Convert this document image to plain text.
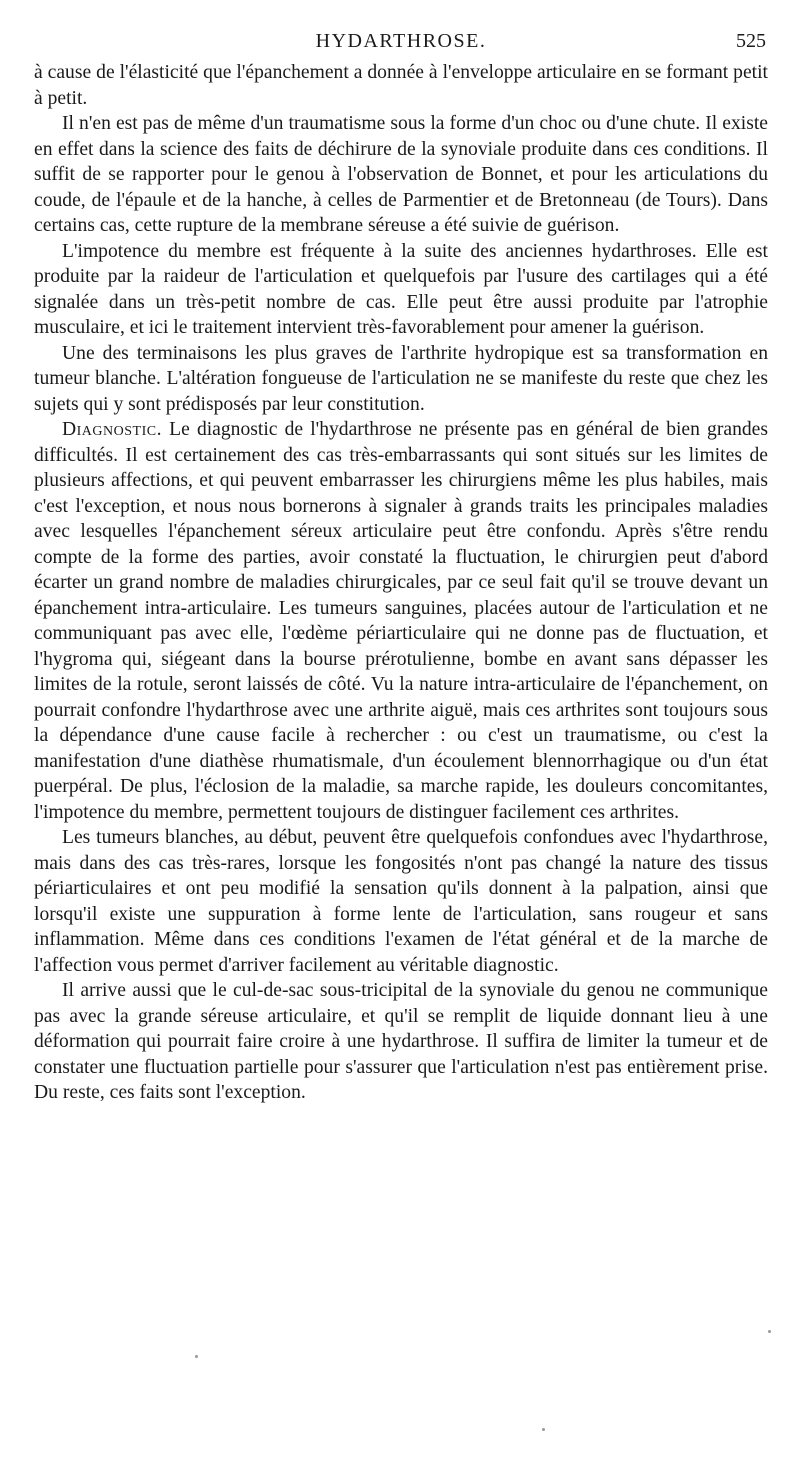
HYDARTHROSE.	525

à cause de l'élasticité que l'épanchement a donnée à l'enveloppe articulaire en se formant petit à petit.

Il n'en est pas de même d'un traumatisme sous la forme d'un choc ou d'une chute. Il existe en effet dans la science des faits de déchirure de la synoviale produite dans ces conditions. Il suffit de se rapporter pour le genou à l'observation de Bonnet, et pour les articulations du coude, de l'épaule et de la hanche, à celles de Parmentier et de Bretonneau (de Tours). Dans certains cas, cette rupture de la membrane séreuse a été suivie de guérison.

L'impotence du membre est fréquente à la suite des anciennes hydarthroses. Elle est produite par la raideur de l'articulation et quelquefois par l'usure des cartilages qui a été signalée dans un très-petit nombre de cas. Elle peut être aussi produite par l'atrophie musculaire, et ici le traitement intervient très-favorablement pour amener la guérison.

Une des terminaisons les plus graves de l'arthrite hydropique est sa transformation en tumeur blanche. L'altération fongueuse de l'articulation ne se manifeste du reste que chez les sujets qui y sont prédisposés par leur constitution.

Diagnostic. Le diagnostic de l'hydarthrose ne présente pas en général de bien grandes difficultés. Il est certainement des cas très-embarrassants qui sont situés sur les limites de plusieurs affections, et qui peuvent embarrasser les chirurgiens même les plus habiles, mais c'est l'exception, et nous nous bornerons à signaler à grands traits les principales maladies avec lesquelles l'épanchement séreux articulaire peut être confondu. Après s'être rendu compte de la forme des parties, avoir constaté la fluctuation, le chirurgien peut d'abord écarter un grand nombre de maladies chirurgicales, par ce seul fait qu'il se trouve devant un épanchement intra-articulaire. Les tumeurs sanguines, placées autour de l'articulation et ne communiquant pas avec elle, l'œdème périarticulaire qui ne donne pas de fluctuation, et l'hygroma qui, siégeant dans la bourse prérotulienne, bombe en avant sans dépasser les limites de la rotule, seront laissés de côté. Vu la nature intra-articulaire de l'épanchement, on pourrait confondre l'hydarthrose avec une arthrite aiguë, mais ces arthrites sont toujours sous la dépendance d'une cause facile à rechercher : ou c'est un traumatisme, ou c'est la manifestation d'une diathèse rhumatismale, d'un écoulement blennorrhagique ou d'un état puerpéral. De plus, l'éclosion de la maladie, sa marche rapide, les douleurs concomitantes, l'impotence du membre, permettent toujours de distinguer facilement ces arthrites.

Les tumeurs blanches, au début, peuvent être quelquefois confondues avec l'hydarthrose, mais dans des cas très-rares, lorsque les fongosités n'ont pas changé la nature des tissus périarticulaires et ont peu modifié la sensation qu'ils donnent à la palpation, ainsi que lorsqu'il existe une suppuration à forme lente de l'articulation, sans rougeur et sans inflammation. Même dans ces conditions l'examen de l'état général et de la marche de l'affection vous permet d'arriver facilement au véritable diagnostic.

Il arrive aussi que le cul-de-sac sous-tricipital de la synoviale du genou ne communique pas avec la grande séreuse articulaire, et qu'il se remplit de liquide donnant lieu à une déformation qui pourrait faire croire à une hydarthrose. Il suffira de limiter la tumeur et de constater une fluctuation partielle pour s'assurer que l'articulation n'est pas entièrement prise. Du reste, ces faits sont l'exception.
